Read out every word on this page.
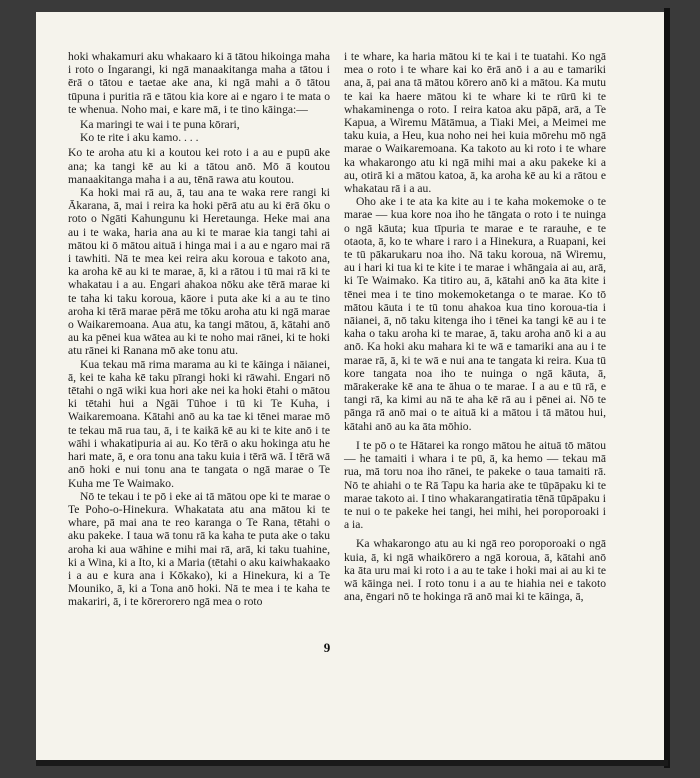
hoki whakamuri aku whakaaro ki ā tātou hikoinga maha i roto o Ingarangi, ki ngā manaakitanga maha a tātou i ērā o tātou e taetae ake ana, ki ngā mahi a ō tātou tūpuna i puritia rā e tātou kia kore ai e ngaro i te mata o te whenua. Noho mai, e kare mā, i te tino kāinga:—

Ka maringi te wai i te puna kōrari,
Ko te rite i aku kamo. . . .

Ko te aroha atu ki a koutou kei roto i a au e pupū ake ana; ka tangi kē au ki a tātou anō. Mō ā koutou manaakitanga maha i a au, tēnā rawa atu koutou.

Ka hoki mai rā au, ā, tau ana te waka rere rangi ki Ākarana, ā, mai i reira ka hoki pērā atu au ki ērā ōku o roto o Ngāti Kahungunu ki Heretaunga. Heke mai ana au i te waka, haria ana au ki te marae kia tangi tahi ai mātou ki ō mātou aituā i hinga mai i a au e ngaro mai rā i tawhiti. Nā te mea kei reira aku koroua e takoto ana, ka aroha kē au ki te marae, ā, ki a rātou i tū mai rā ki te whakatau i a au. Engari ahakoa nōku ake tērā marae ki te taha ki taku koroua, kāore i puta ake ki a au te tino aroha ki tērā marae pērā me tōku aroha atu ki ngā marae o Waikaremoana. Aua atu, ka tangi mātou, ā, kātahi anō au ka pēnei kua wātea au ki te noho mai rānei, ki te hoki atu rānei ki Ranana mō ake tonu atu.

Kua tekau mā rima marama au ki te kāinga i nāianei, ā, kei te kaha kē taku pīrangi hoki ki rāwahi. Engari nō tētahi o ngā wiki kua hori ake nei ka hoki ētahi o mātou ki tētahi hui a Ngāi Tūhoe i tū ki Te Kuha, i Waikaremoana. Kātahi anō au ka tae ki tēnei marae mō te tekau mā rua tau, ā, i te kaikā kē au ki te kite anō i te wāhi i whakatipuria ai au. Ko tērā o aku hokinga atu he hari mate, ā, e ora tonu ana taku kuia i tērā wā. I tērā wā anō hoki e nui tonu ana te tangata o ngā marae o Te Kuha me Te Waimako.

Nō te tekau i te pō i eke ai tā mātou ope ki te marae o Te Poho-o-Hinekura. Whakatata atu ana mātou ki te whare, pā mai ana te reo karanga o Te Rana, tētahi o aku pakeke. I taua wā tonu rā ka kaha te puta ake o taku aroha ki aua wāhine e mihi mai rā, arā, ki taku tuahine, ki a Wina, ki a Ito, ki a Maria (tētahi o aku kaiwhakaako i a au e kura ana i Kōkako), ki a Hinekura, ki a Te Mouniko, ā, ki a Tona anō hoki. Nā te mea i te kaha te makariri, ā, i te kōrerorero ngā mea o roto

i te whare, ka haria mātou ki te kai i te tuatahi. Ko ngā mea o roto i te whare kai ko ērā anō i a au e tamariki ana, ā, pai ana tā mātou kōrero anō ki a mātou. Ka mutu te kai ka haere mātou ki te whare ki te rūrū ki te whakaminenga o roto. I reira katoa aku pāpā, arā, a Te Kapua, a Wiremu Mātāmua, a Tiaki Mei, a Meimei me taku kuia, a Heu, kua noho nei hei kuia mōrehu mō ngā marae o Waikaremoana. Ka takoto au ki roto i te whare ka whakarongo atu ki ngā mihi mai a aku pakeke ki a au, otirā ki a mātou katoa, ā, ka aroha kē au ki a rātou e whakatau rā i a au.

Oho ake i te ata ka kite au i te kaha mokemoke o te marae — kua kore noa iho he tāngata o roto i te nuinga o ngā kāuta; kua tīpuria te marae e te rarauhe, e te otaota, ā, ko te whare i raro i a Hinekura, a Ruapani, kei te tū pākarukaru noa iho. Nā taku koroua, nā Wiremu, au i hari ki tua ki te kite i te marae i whāngaia ai au, arā, ki Te Waimako. Ka titiro au, ā, kātahi anō ka āta kite i tēnei mea i te tino mokemoketanga o te marae. Ko tō mātou kāuta i te tū tonu ahakoa kua tino koroua-tia i nāianei, ā, nō taku kitenga iho i tēnei ka tangi kē au i te kaha o taku aroha ki te marae, ā, taku aroha anō ki a au anō. Ka hoki aku mahara ki te wā e tamariki ana au i te marae rā, ā, ki te wā e nui ana te tangata ki reira. Kua tū kore tangata noa iho te nuinga o ngā kāuta, ā, mārakerake kē ana te āhua o te marae. I a au e tū rā, e tangi rā, ka kimi au nā te aha kē rā au i pēnei ai. Nō te pānga rā anō mai o te aituā ki a mātou i tā mātou hui, kātahi anō au ka āta mōhio.

I te pō o te Hātarei ka rongo mātou he aituā tō mātou — he tamaiti i whara i te pū, ā, ka hemo — tekau mā rua, mā toru noa iho rānei, te pakeke o taua tamaiti rā. Nō te ahiahi o te Rā Tapu ka haria ake te tūpāpaku ki te marae takoto ai. I tino whakarangatiratia tēnā tūpāpaku i te nui o te pakeke hei tangi, hei mihi, hei poroporoaki i a ia.

Ka whakarongo atu au ki ngā reo poroporoaki o ngā kuia, ā, ki ngā whaikōrero a ngā koroua, ā, kātahi anō ka āta uru mai ki roto i a au te take i hoki mai ai au ki te wā kāinga nei. I roto tonu i a au te hiahia nei e takoto ana, ēngari nō te hokinga rā anō mai ki te kāinga, ā,

9
